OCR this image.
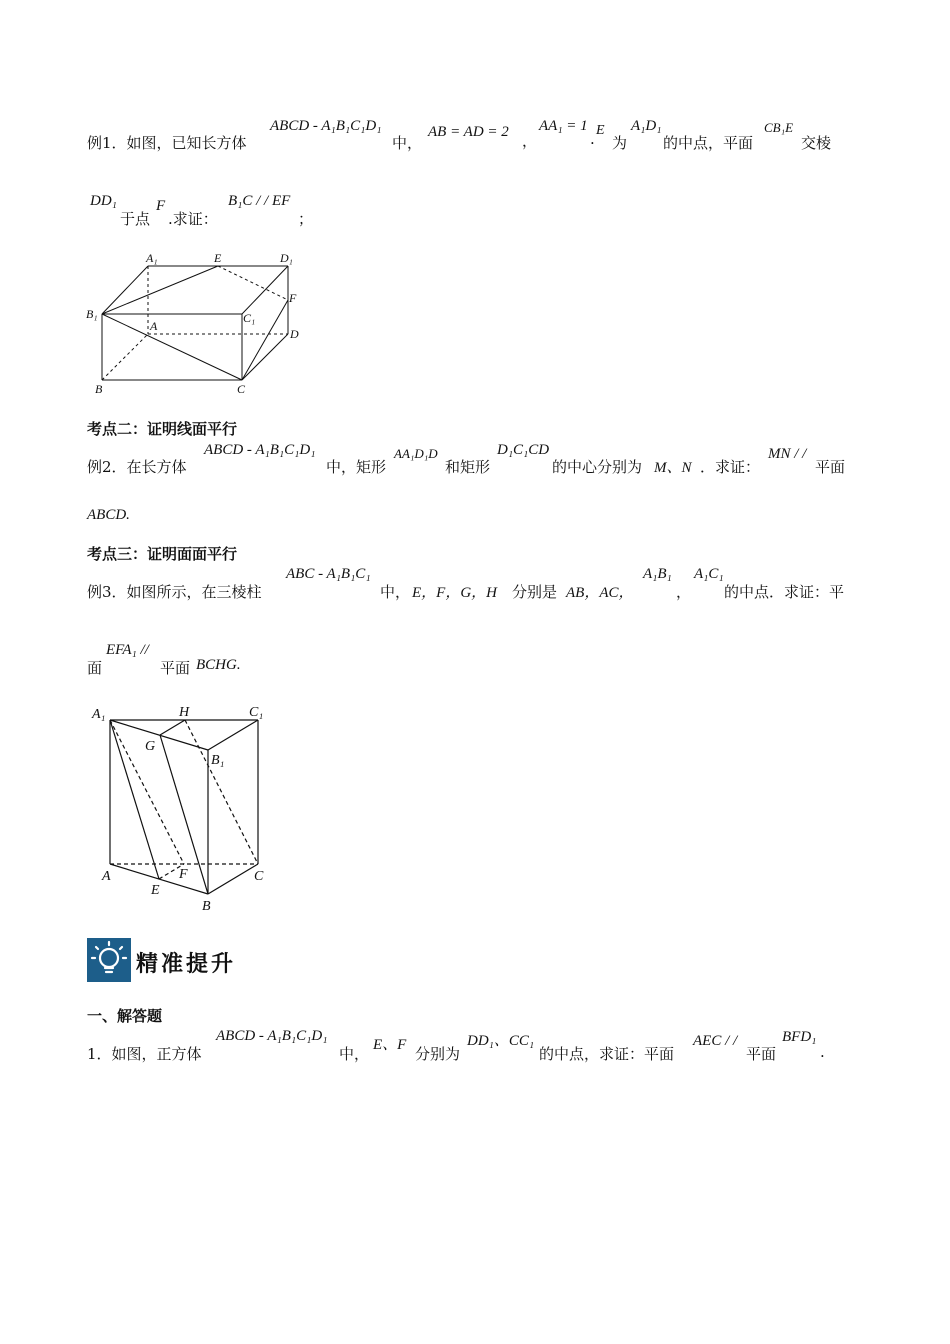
例1．如图，已知长方体
ABCD - A₁B₁C₁D₁
中，
AB = AD = 2 ，
AA₁ = 1
. E
为
A₁D₁
的中点，平面
CB₁E
交棱
DD₁
于点
F
.求证：
B₁C / / EF
；
A₁	E	D₁
F
B₁
A
C₁
D
B	C
考点二：证明线面平行
例2．在长方体
ABCD - A₁B₁C₁D₁
中，矩形
AA₁D₁D
和矩形
D₁C₁CD
的中心分别为 M、N ．求证：
MN / /
平面
ABCD.
考点三：证明面面平行
例3．如图所示，在三棱柱
ABC - A₁B₁C₁
中， E，F，G，H 分别是 AB，AC，
A₁B₁
，
A₁C₁
的中点．求证：平
面
EFA₁ //
平面 BCHG.
A₁	H	C₁
G
B₁
A	F	C
E
B
精准提升
一、解答题
1．如图，正方体
ABCD - A₁B₁C₁D₁
中， E、F 分别为
DD₁、CC₁
的中点，求证：平面
AEC / /
平面
BFD₁
.
